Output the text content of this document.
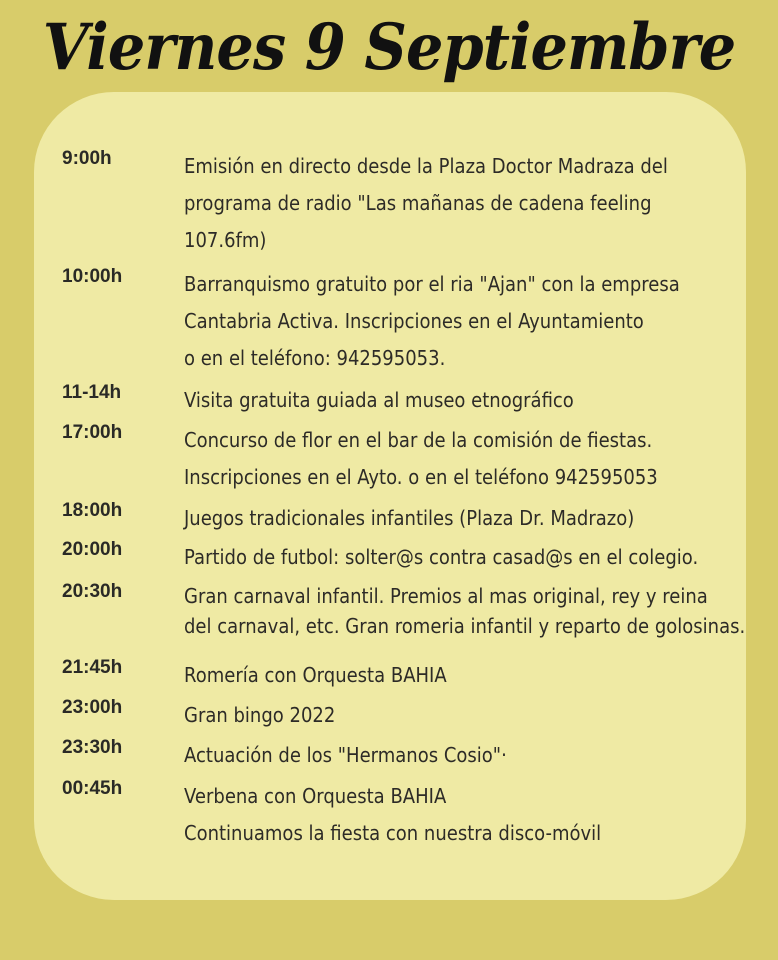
Viernes 9 Septiembre
9:00h	Emisión en directo desde la Plaza Doctor Madraza del
programa de radio "Las mañanas de cadena feeling
107.6fm)
10:00h	Barranquismo gratuito por el ria "Ajan" con la empresa
Cantabria Activa. Inscripciones en el Ayuntamiento
o en el teléfono: 942595053.
11-14h	Visita gratuita guiada al museo etnográfico
17:00h	Concurso de flor en el bar de la comisión de fiestas.
Inscripciones en el Ayto. o en el teléfono 942595053
18:00h	Juegos tradicionales infantiles (Plaza Dr. Madrazo)
20:00h	Partido de futbol: solter@s contra casad@s en el colegio.
20:30h	Gran carnaval infantil. Premios al mas original, rey y reina
del carnaval, etc. Gran romeria infantil y reparto de golosinas.
21:45h	Romería con Orquesta BAHIA
23:00h	Gran bingo 2022
23:30h	Actuación de los "Hermanos Cosio"·
00:45h	Verbena con Orquesta BAHIA
Continuamos la fiesta con nuestra disco-móvil
